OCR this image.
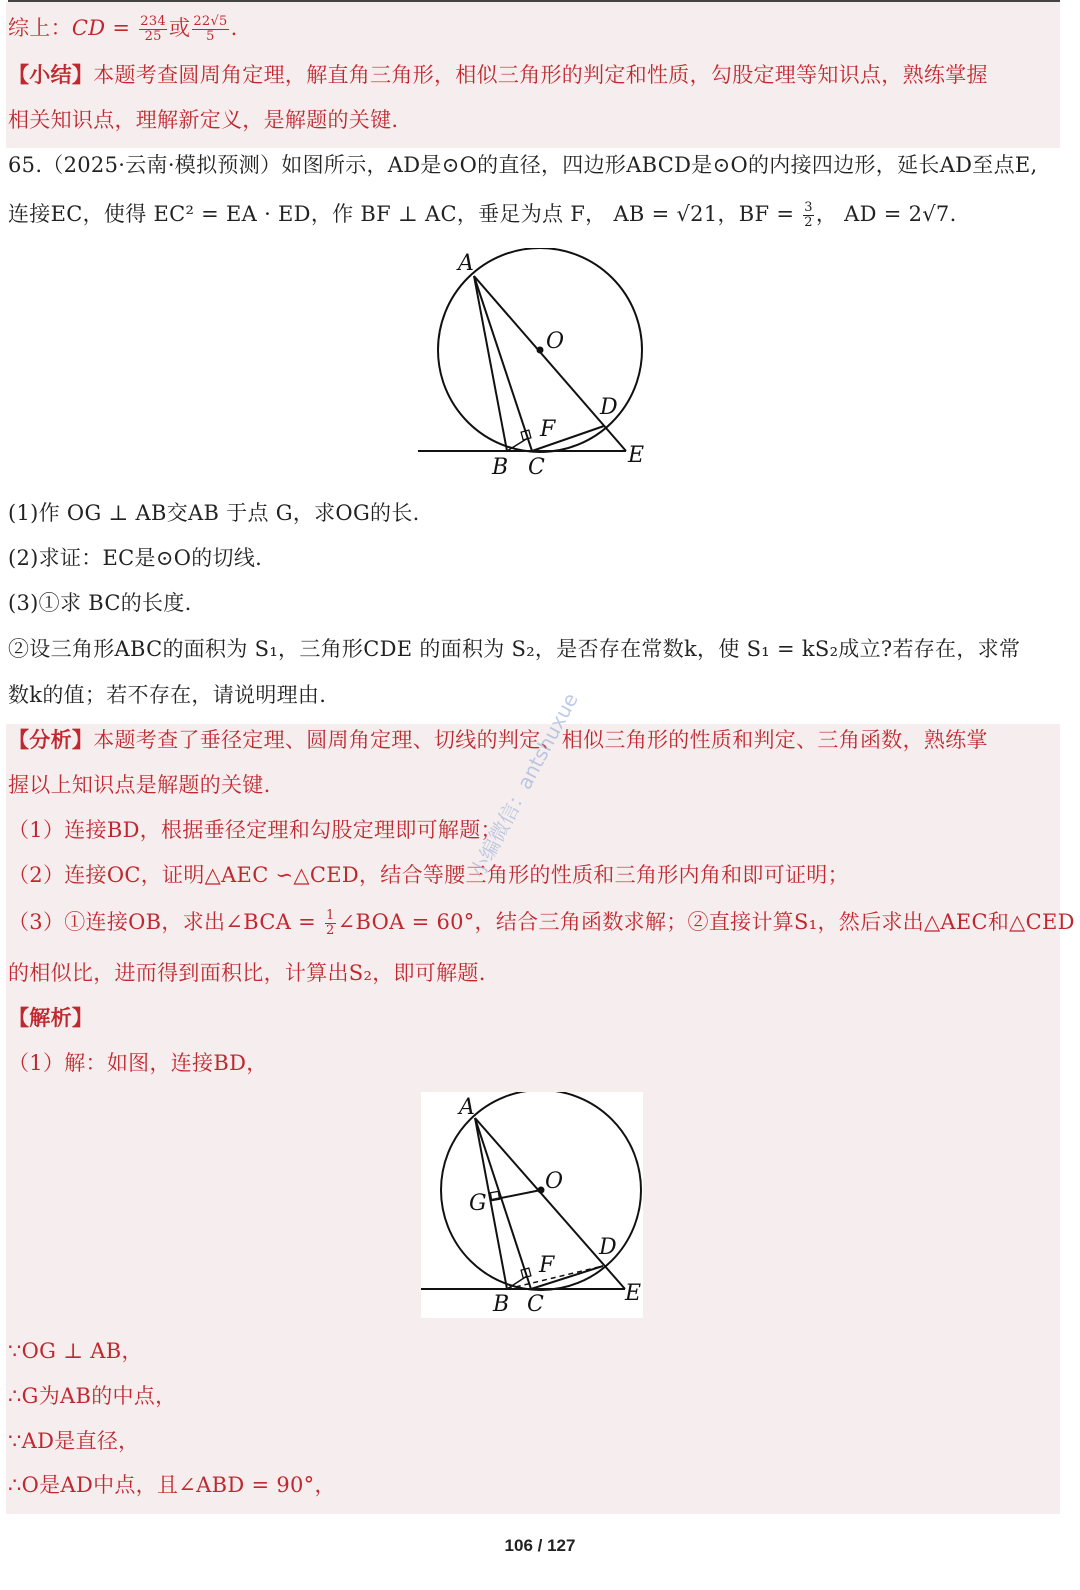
综上：CD = $\frac{234}{25}$ 或 $\frac{22√5}{5}$ .
【小结】本题考查圆周角定理，解直角三角形，相似三角形的判定和性质，勾股定理等知识点，熟练掌握
相关知识点，理解新定义，是解题的关键.
65.（2025·云南·模拟预测）如图所示，AD是⊙O的直径，四边形ABCD是⊙O的内接四边形，延长AD至点E,
连接EC，使得 EC² = EA · ED，作 BF ⊥ AC，垂足为点 F， AB = √21，BF = $\frac{3}{2}$ ， AD = 2√7.
A
O
D
F
B C	E
(1)作 OG ⊥ AB交AB 于点 G，求OG的长.
(2)求证：EC是⊙O的切线.
(3)①求 BC的长度.
②设三角形ABC的面积为 S₁，三角形CDE 的面积为 S₂，是否存在常数k，使 S₁ = kS₂成立?若存在，求常
数k的值；若不存在，请说明理由.
【分析】本题考查了垂径定理、圆周角定理、切线的判定、相似三角形的性质和判定、三角函数，熟练掌
握以上知识点是解题的关键.
（1）连接BD，根据垂径定理和勾股定理即可解题；
（2）连接OC，证明△AEC ∽△CED，结合等腰三角形的性质和三角形内角和即可证明；
（3）①连接OB，求出∠BCA = $\frac{1}{2}$ ∠BOA = 60°，结合三角函数求解；②直接计算S₁，然后求出△AEC和△CED
的相似比，进而得到面积比，计算出S₂，即可解题.
【解析】
（1）解：如图，连接BD，
A
O
G
D
F
B C	E
∵OG ⊥ AB，
∴G为AB的中点，
∵AD是直径，
∴O是AD中点，且∠ABD = 90°，
小编微信：antshuxue
106 / 127
